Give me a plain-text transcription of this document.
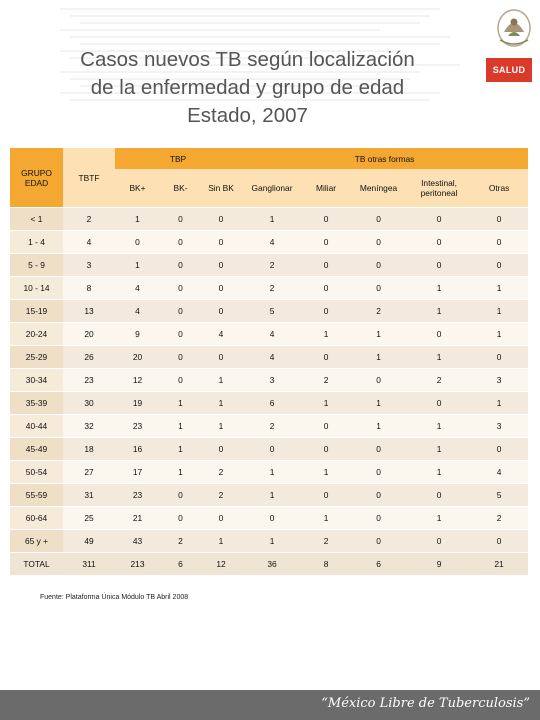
Casos nuevos TB según localización
de la enfermedad y grupo de edad
Estado, 2007
SALUD
GRUPO EDAD	TBTF	TBP			TB otras formas				
		BK+	BK-	Sin BK	Ganglionar	Miliar	Meníngea	Intestinal, peritoneal	Otras
< 1	2	1	0	0	1	0	0	0	0
1 - 4	4	0	0	0	4	0	0	0	0
5 - 9	3	1	0	0	2	0	0	0	0
10 - 14	8	4	0	0	2	0	0	1	1
15-19	13	4	0	0	5	0	2	1	1
20-24	20	9	0	4	4	1	1	0	1
25-29	26	20	0	0	4	0	1	1	0
30-34	23	12	0	1	3	2	0	2	3
35-39	30	19	1	1	6	1	1	0	1
40-44	32	23	1	1	2	0	1	1	3
45-49	18	16	1	0	0	0	0	1	0
50-54	27	17	1	2	1	1	0	1	4
55-59	31	23	0	2	1	0	0	0	5
60-64	25	21	0	0	0	1	0	1	2
65 y +	49	43	2	1	1	2	0	0	0
TOTAL	311	213	6	12	36	8	6	9	21
Fuente: Plataforma Única Módulo TB Abril 2008
“México Libre de Tuberculosis”
